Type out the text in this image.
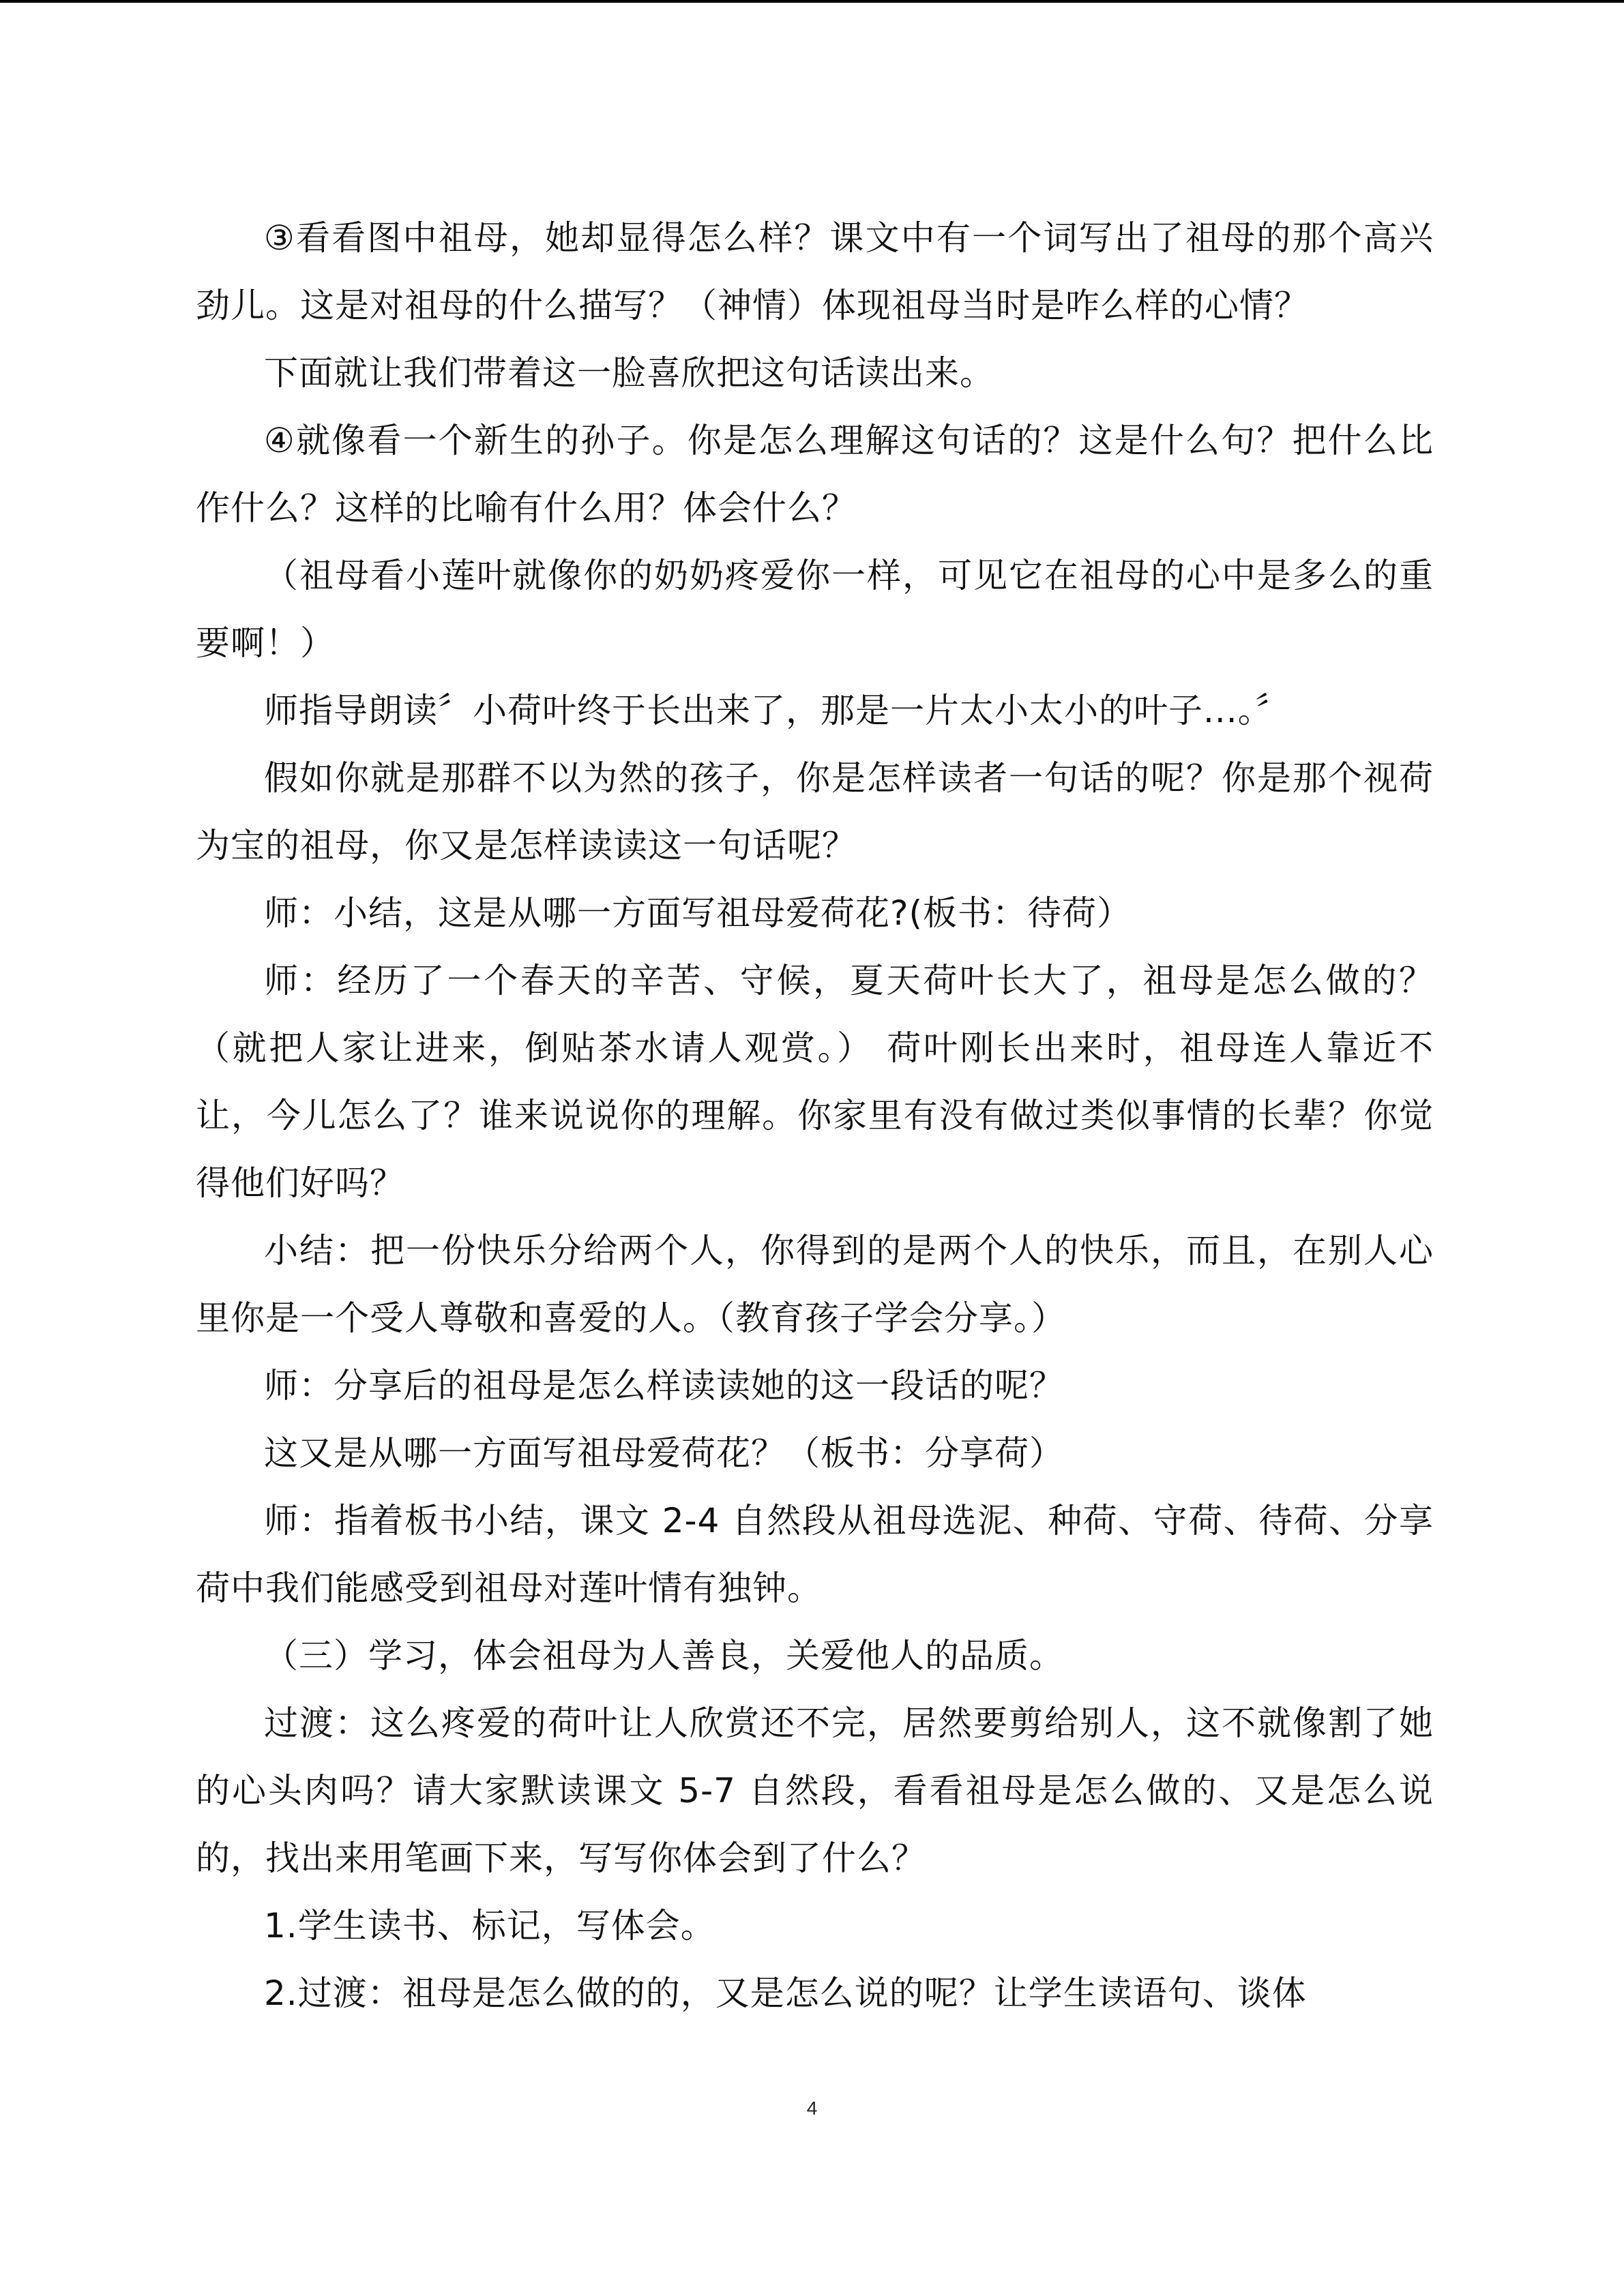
③看看图中祖母，她却显得怎么样？课文中有一个词写出了祖母的那个高兴劲儿。这是对祖母的什么描写？（神情）体现祖母当时是咋么样的心情？

下面就让我们带着这一脸喜欣把这句话读出来。

④就像看一个新生的孙子。你是怎么理解这句话的？这是什么句？把什么比作什么？这样的比喻有什么用？体会什么？

（祖母看小莲叶就像你的奶奶疼爱你一样，可见它在祖母的心中是多么的重要啊！）

师指导朗读〞小荷叶终于长出来了，那是一片太小太小的叶子...。〞

假如你就是那群不以为然的孩子，你是怎样读者一句话的呢？你是那个视荷为宝的祖母，你又是怎样读读这一句话呢？

师：小结，这是从哪一方面写祖母爱荷花?(板书：待荷）

师：经历了一个春天的辛苦、守候，夏天荷叶长大了，祖母是怎么做的？（就把人家让进来，倒贴茶水请人观赏。） 荷叶刚长出来时，祖母连人靠近不让，今儿怎么了？谁来说说你的理解。你家里有没有做过类似事情的长辈？你觉得他们好吗？

小结：把一份快乐分给两个人，你得到的是两个人的快乐，而且，在别人心里你是一个受人尊敬和喜爱的人。（教育孩子学会分享。）

师：分享后的祖母是怎么样读读她的这一段话的呢？

这又是从哪一方面写祖母爱荷花？（板书：分享荷）

师：指着板书小结，课文 2-4 自然段从祖母选泥、种荷、守荷、待荷、分享荷中我们能感受到祖母对莲叶情有独钟。

（三）学习，体会祖母为人善良，关爱他人的品质。

过渡：这么疼爱的荷叶让人欣赏还不完，居然要剪给别人，这不就像割了她的心头肉吗？请大家默读课文 5-7 自然段，看看祖母是怎么做的、又是怎么说的，找出来用笔画下来，写写你体会到了什么？

1.学生读书、标记，写体会。

2.过渡：祖母是怎么做的的，又是怎么说的呢？让学生读语句、谈体

4
